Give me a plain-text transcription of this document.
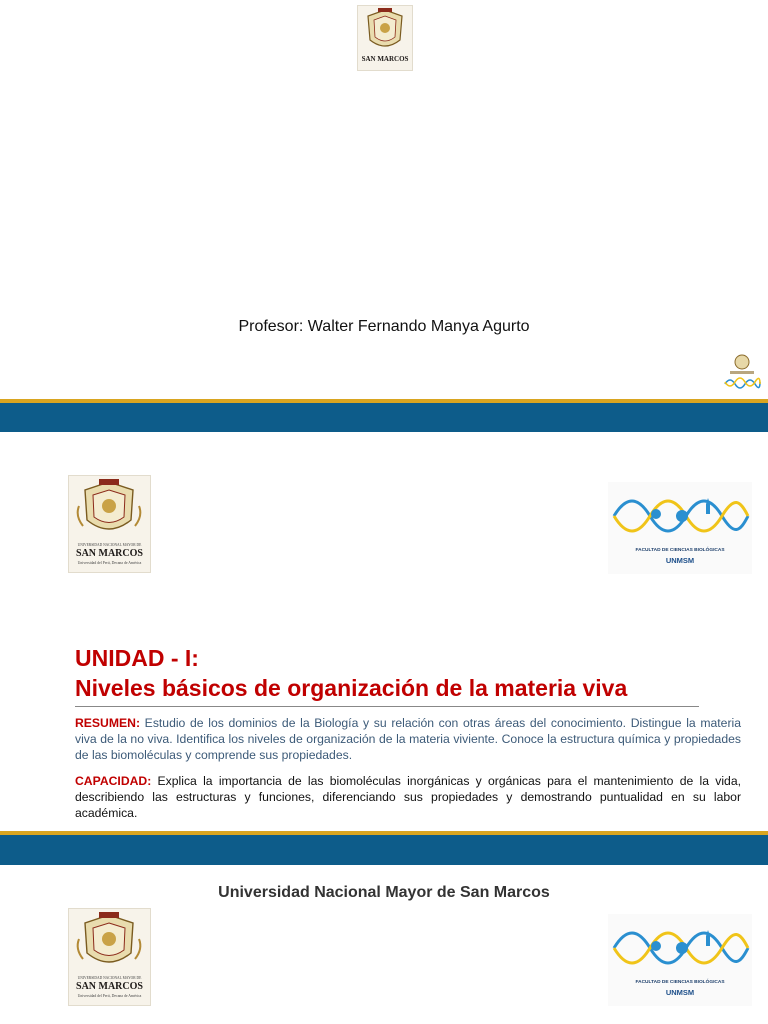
SAN MARCOS
Profesor: Walter Fernando Manya Agurto
UNIVERSIDAD NACIONAL MAYOR DE
SAN MARCOS
Universidad del Perú, Decana de América
FACULTAD DE CIENCIAS BIOLÓGICAS
UNMSM
UNIDAD - I:
Niveles básicos de organización de la materia viva
RESUMEN: Estudio de los dominios de la Biología y su relación con otras áreas del conocimiento. Distingue la materia viva de la no viva. Identifica los niveles de organización de la materia viviente. Conoce la estructura química y propiedades de las biomoléculas y comprende sus propiedades.
CAPACIDAD: Explica la importancia de las biomoléculas inorgánicas y orgánicas para el mantenimiento de la vida, describiendo las estructuras y funciones, diferenciando sus propiedades y demostrando puntualidad en su labor académica.
Universidad Nacional Mayor de San Marcos
UNIVERSIDAD NACIONAL MAYOR DE
SAN MARCOS
Universidad del Perú, Decana de América
FACULTAD DE CIENCIAS BIOLÓGICAS
UNMSM
